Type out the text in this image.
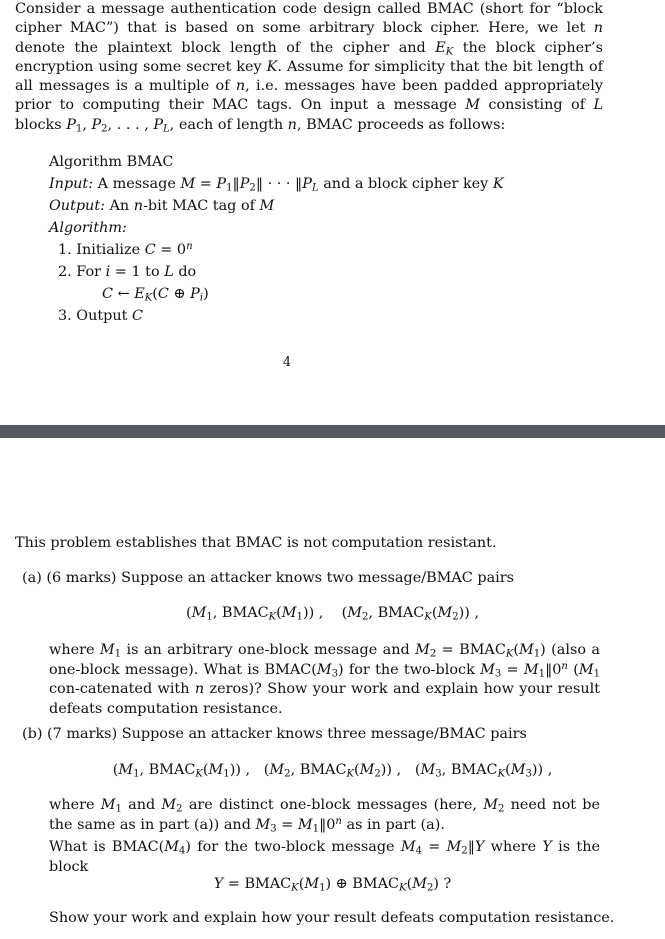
Consider a message authentication code design called BMAC (short for “block cipher MAC”) that is based on some arbitrary block cipher. Here, we let n denote the plaintext block length of the cipher and $E_K$ the block cipher’s encryption using some secret key K. Assume for simplicity that the bit length of all messages is a multiple of n, i.e. messages have been padded appropriately prior to computing their MAC tags. On input a message M consisting of L blocks $P_1$, $P_2$, . . . , $P_L$, each of length n, BMAC proceeds as follows:
Algorithm BMAC
Input: A message $M = P_1‖P_2‖$ · · · $‖P_L$ and a block cipher key K
Output: An n-bit MAC tag of M
Algorithm:
1. Initialize $C = 0^n$
2. For i = 1 to L do
C ← $E_K(C$ ⊕ $P_i$)
3. Output C
4
This problem establishes that BMAC is not computation resistant.
(a) (6 marks) Suppose an attacker knows two message/BMAC pairs
($M_1$, $BMAC_K(M_1)$) ,    ($M_2$, $BMAC_K(M_2)$) ,
where $M_1$ is an arbitrary one-block message and $M_2$ = $BMAC_K(M_1)$ (also a one-block message). What is $BMAC(M_3)$ for the two-block $M_3$ = $M_1‖0^n$ ($M_1$ con-catenated with n zeros)? Show your work and explain how your result defeats computation resistance.
(b) (7 marks) Suppose an attacker knows three message/BMAC pairs
($M_1$, $BMAC_K(M_1)$) ,   ($M_2$, $BMAC_K(M_2)$) ,   ($M_3$, $BMAC_K(M_3)$) ,
where $M_1$ and $M_2$ are distinct one-block messages (here, $M_2$ need not be the same as in part (a)) and $M_3$ = $M_1‖0^n$ as in part (a).
What is $BMAC(M_4)$ for the two-block message $M_4$ = $M_2‖Y$ where Y is the block
$Y = BMAC_K(M_1)$ ⊕ $BMAC_K(M_2)$ ?
Show your work and explain how your result defeats computation resistance.
